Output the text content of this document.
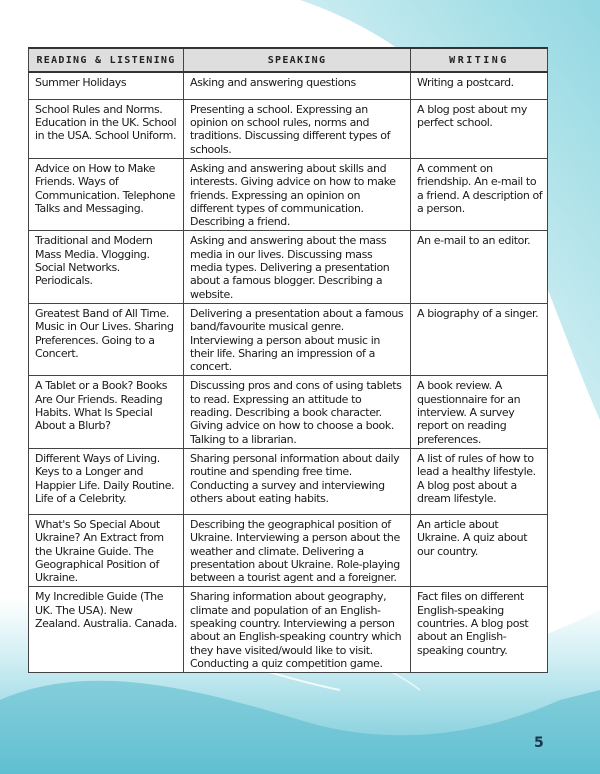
READING & LISTENING	SPEAKING	WRITING
Summer Holidays	Asking and answering questions	Writing a postcard.
School Rules and Norms. Education in the UK. School in the USA. School Uniform.	Presenting a school. Expressing an opinion on school rules, norms and traditions. Discussing different types of schools.	A blog post about my perfect school.
Advice on How to Make Friends. Ways of Communication. Telephone Talks and Messaging.	Asking and answering about skills and interests. Giving advice on how to make friends. Expressing an opinion on different types of communication. Describing a friend.	A comment on friendship. An e-mail to a friend. A description of a person.
Traditional and Modern Mass Media. Vlogging. Social Networks. Periodicals.	Asking and answering about the mass media in our lives. Discussing mass media types. Delivering a presentation about a famous blogger. Describing a website.	An e-mail to an editor.
Greatest Band of All Time. Music in Our Lives. Sharing Preferences. Going to a Concert.	Delivering a presentation about a famous band/favourite musical genre. Interviewing a person about music in their life. Sharing an impression of a concert.	A biography of a singer.
A Tablet or a Book? Books Are Our Friends. Reading Habits. What Is Special About a Blurb?	Discussing pros and cons of using tablets to read. Expressing an attitude to reading. Describing a book character. Giving advice on how to choose a book. Talking to a librarian.	A book review. A questionnaire for an interview. A survey report on reading preferences.
Different Ways of Living. Keys to a Longer and Happier Life. Daily Routine. Life of a Celebrity.	Sharing personal information about daily routine and spending free time. Conducting a survey and interviewing others about eating habits.	A list of rules of how to lead a healthy lifestyle. A blog post about a dream lifestyle.
What's So Special About Ukraine? An Extract from the Ukraine Guide. The Geographical Position of Ukraine.	Describing the geographical position of Ukraine. Interviewing a person about the weather and climate. Delivering a presentation about Ukraine. Role-playing between a tourist agent and a foreigner.	An article about Ukraine. A quiz about our country.
My Incredible Guide (The UK. The USA). New Zealand. Australia. Canada.	Sharing information about geography, climate and population of an English-speaking country. Interviewing a person about an English-speaking country which they have visited/would like to visit. Conducting a quiz competition game.	Fact files on different English-speaking countries. A blog post about an English-speaking country.
5
